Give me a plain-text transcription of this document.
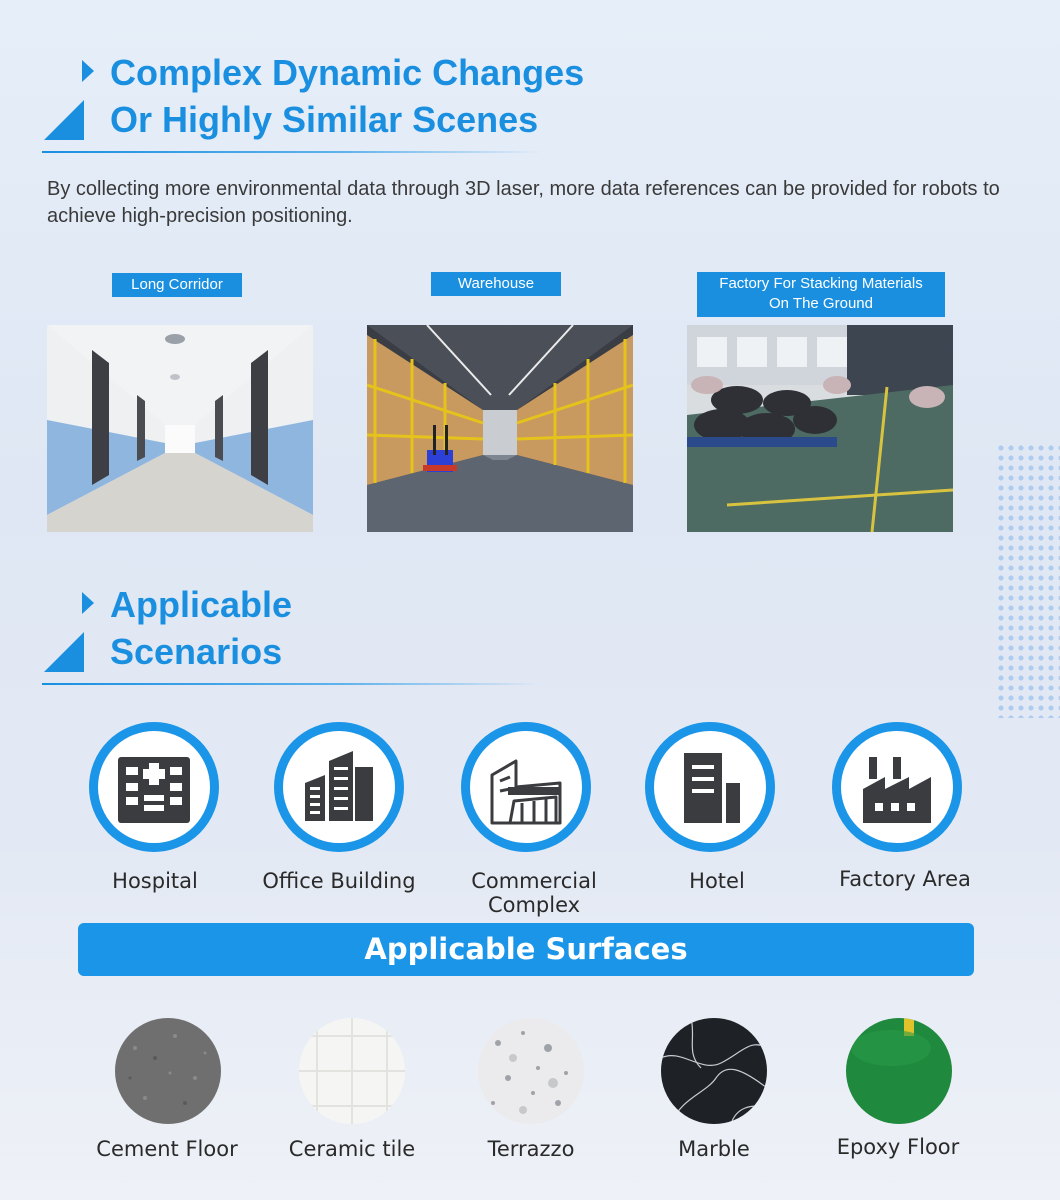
Complex Dynamic Changes
Or Highly Similar Scenes
By collecting more environmental data through 3D laser, more data references can be provided for robots to achieve high-precision positioning.
Long Corridor	Warehouse	Factory For Stacking Materials
On The Ground
Applicable
Scenarios
Hospital	Office Building	Commercial Complex
Hotel	Factory Area
Applicable Surfaces
Cement Floor	Ceramic tile	Terrazzo	Marble	Epoxy Floor
